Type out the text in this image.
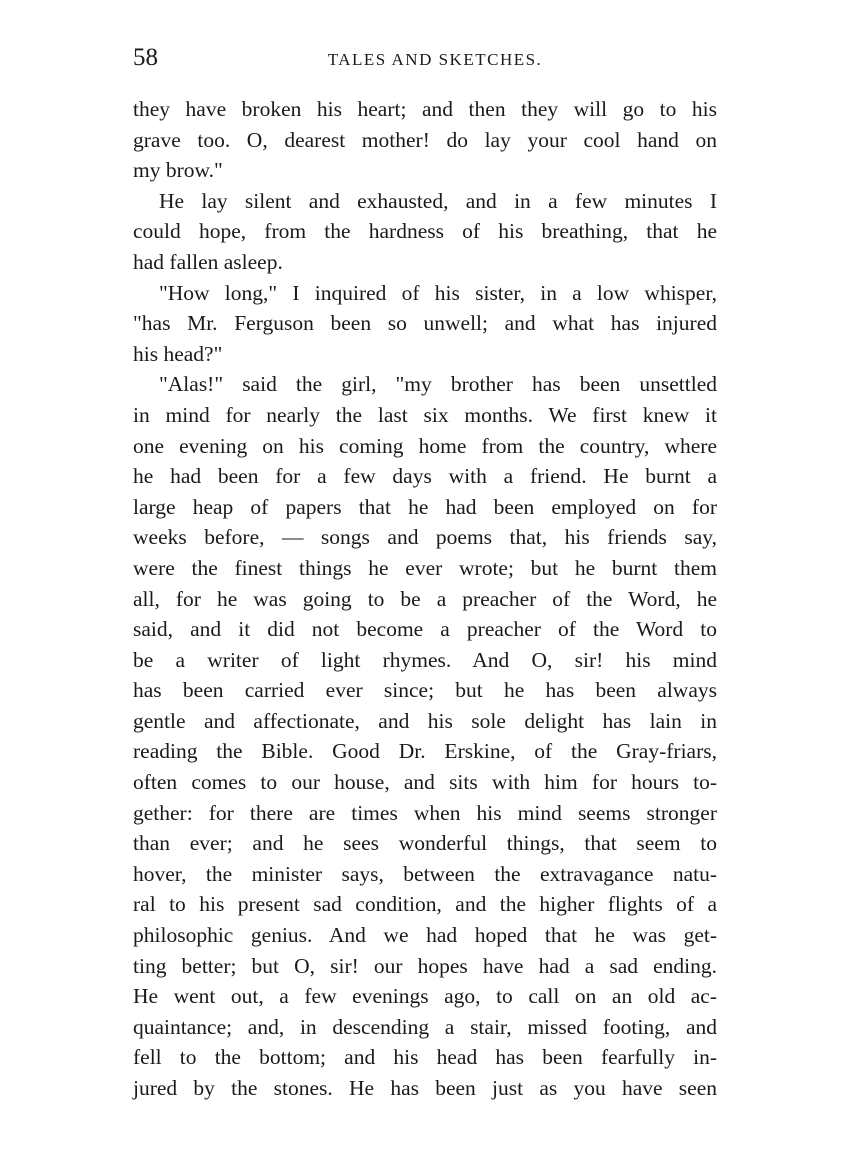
58	TALES AND SKETCHES.
they have broken his heart; and then they will go to his
grave too. O, dearest mother! do lay your cool hand on
my brow."
He lay silent and exhausted, and in a few minutes I
could hope, from the hardness of his breathing, that he
had fallen asleep.
"How long," I inquired of his sister, in a low whisper,
"has Mr. Ferguson been so unwell; and what has injured
his head?"
"Alas!" said the girl, "my brother has been unsettled
in mind for nearly the last six months. We first knew it
one evening on his coming home from the country, where
he had been for a few days with a friend. He burnt a
large heap of papers that he had been employed on for
weeks before, — songs and poems that, his friends say,
were the finest things he ever wrote; but he burnt them
all, for he was going to be a preacher of the Word, he
said, and it did not become a preacher of the Word to
be a writer of light rhymes. And O, sir! his mind
has been carried ever since; but he has been always
gentle and affectionate, and his sole delight has lain in
reading the Bible. Good Dr. Erskine, of the Gray-friars,
often comes to our house, and sits with him for hours to-
gether: for there are times when his mind seems stronger
than ever; and he sees wonderful things, that seem to
hover, the minister says, between the extravagance natu-
ral to his present sad condition, and the higher flights of a
philosophic genius. And we had hoped that he was get-
ting better; but O, sir! our hopes have had a sad ending.
He went out, a few evenings ago, to call on an old ac-
quaintance; and, in descending a stair, missed footing, and
fell to the bottom; and his head has been fearfully in-
jured by the stones. He has been just as you have seen
